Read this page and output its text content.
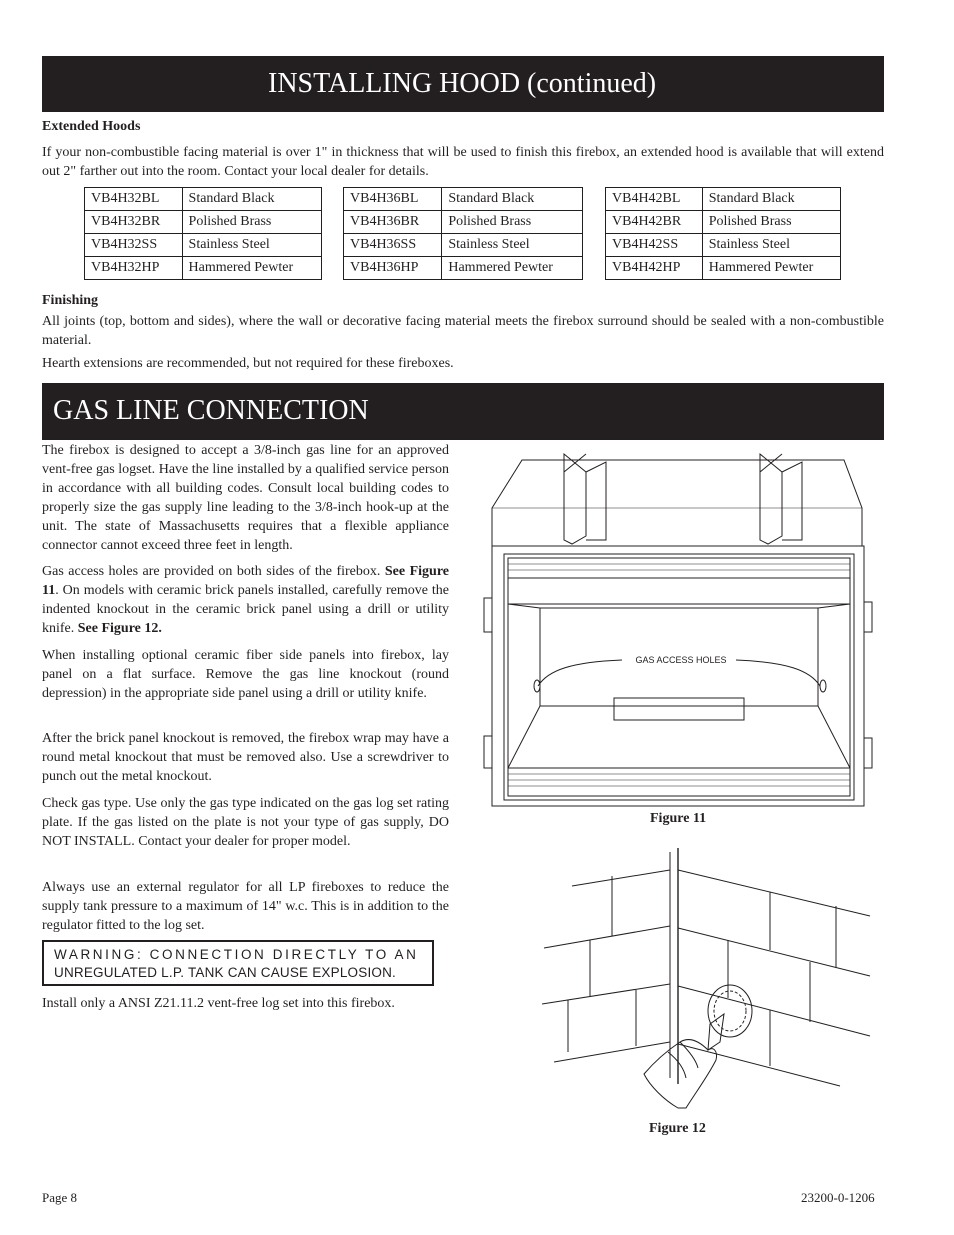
INSTALLING HOOD (continued)
Extended Hoods

If your non-combustible facing material is over 1" in thickness that will be used to finish this firebox, an extended hood is available that will extend out 2" farther out into the room. Contact your local dealer for details.

VB4H32BL	Standard Black
VB4H32BR	Polished Brass
VB4H32SS	Stainless Steel
VB4H32HP	Hammered Pewter
VB4H36BL	Standard Black
VB4H36BR	Polished Brass
VB4H36SS	Stainless Steel
VB4H36HP	Hammered Pewter
VB4H42BL	Standard Black
VB4H42BR	Polished Brass
VB4H42SS	Stainless Steel
VB4H42HP	Hammered Pewter
Finishing

All joints (top, bottom and sides), where the wall or decorative facing material meets the firebox surround should be sealed with a non-combustible material.

Hearth extensions are recommended, but not required for these fireboxes.

GAS LINE CONNECTION

The firebox is designed to accept a 3/8-inch gas line for an approved vent-free gas logset. Have the line installed by a qualified service person in accordance with all building codes. Consult local building codes to properly size the gas supply line leading to the 3/8-inch hook-up at the unit. The state of Massachusetts requires that a flexible appliance connector cannot exceed three feet in length.

Gas access holes are provided on both sides of the firebox. See Figure 11. On models with ceramic brick panels installed, carefully remove the indented knockout in the ceramic brick panel using a drill or utility knife. See Figure 12.

When installing optional ceramic fiber side panels into firebox, lay panel on a flat surface. Remove the gas line knockout (round depression) in the appropriate side panel using a drill or utility knife.

After the brick panel knockout is removed, the firebox wrap may have a round metal knockout that must be removed also. Use a screwdriver to punch out the metal knockout.

Check gas type. Use only the gas type indicated on the gas log set rating plate. If the gas listed on the plate is not your type of gas supply, DO NOT INSTALL. Contact your dealer for proper model.

Always use an external regulator for all LP fireboxes to reduce the supply tank pressure to a maximum of 14" w.c. This is in addition to the regulator fitted to the log set.

WARNING: CONNECTION DIRECTLY TO AN
UNREGULATED L.P. TANK CAN CAUSE EXPLOSION.

Install only a ANSI Z21.11.2 vent-free log set into this firebox.

GAS ACCESS HOLES
Figure 11
Figure 12
Page 8	23200-0-1206
